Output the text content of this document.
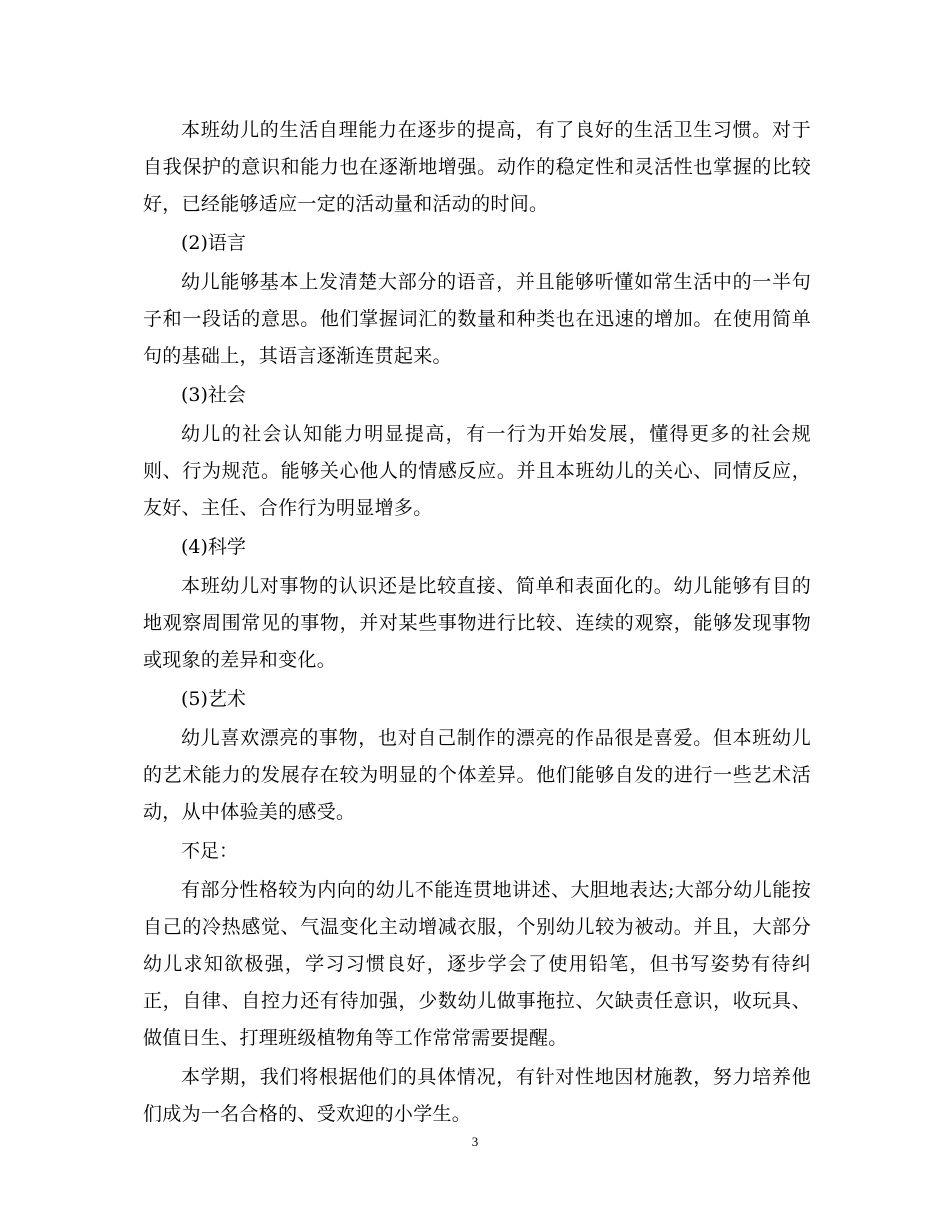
本班幼儿的生活自理能力在逐步的提高，有了良好的生活卫生习惯。对于自我保护的意识和能力也在逐渐地增强。动作的稳定性和灵活性也掌握的比较好，已经能够适应一定的活动量和活动的时间。

(2)语言

幼儿能够基本上发清楚大部分的语音，并且能够听懂如常生活中的一半句子和一段话的意思。他们掌握词汇的数量和种类也在迅速的增加。在使用简单句的基础上，其语言逐渐连贯起来。

(3)社会

幼儿的社会认知能力明显提高，有一行为开始发展，懂得更多的社会规则、行为规范。能够关心他人的情感反应。并且本班幼儿的关心、同情反应，友好、主任、合作行为明显增多。

(4)科学

本班幼儿对事物的认识还是比较直接、简单和表面化的。幼儿能够有目的地观察周围常见的事物，并对某些事物进行比较、连续的观察，能够发现事物或现象的差异和变化。

(5)艺术

幼儿喜欢漂亮的事物，也对自己制作的漂亮的作品很是喜爱。但本班幼儿的艺术能力的发展存在较为明显的个体差异。他们能够自发的进行一些艺术活动，从中体验美的感受。

不足：

有部分性格较为内向的幼儿不能连贯地讲述、大胆地表达;大部分幼儿能按自己的冷热感觉、气温变化主动增减衣服，个别幼儿较为被动。并且，大部分幼儿求知欲极强，学习习惯良好，逐步学会了使用铅笔，但书写姿势有待纠正，自律、自控力还有待加强，少数幼儿做事拖拉、欠缺责任意识，收玩具、做值日生、打理班级植物角等工作常常需要提醒。

本学期，我们将根据他们的具体情况，有针对性地因材施教，努力培养他们成为一名合格的、受欢迎的小学生。

3
